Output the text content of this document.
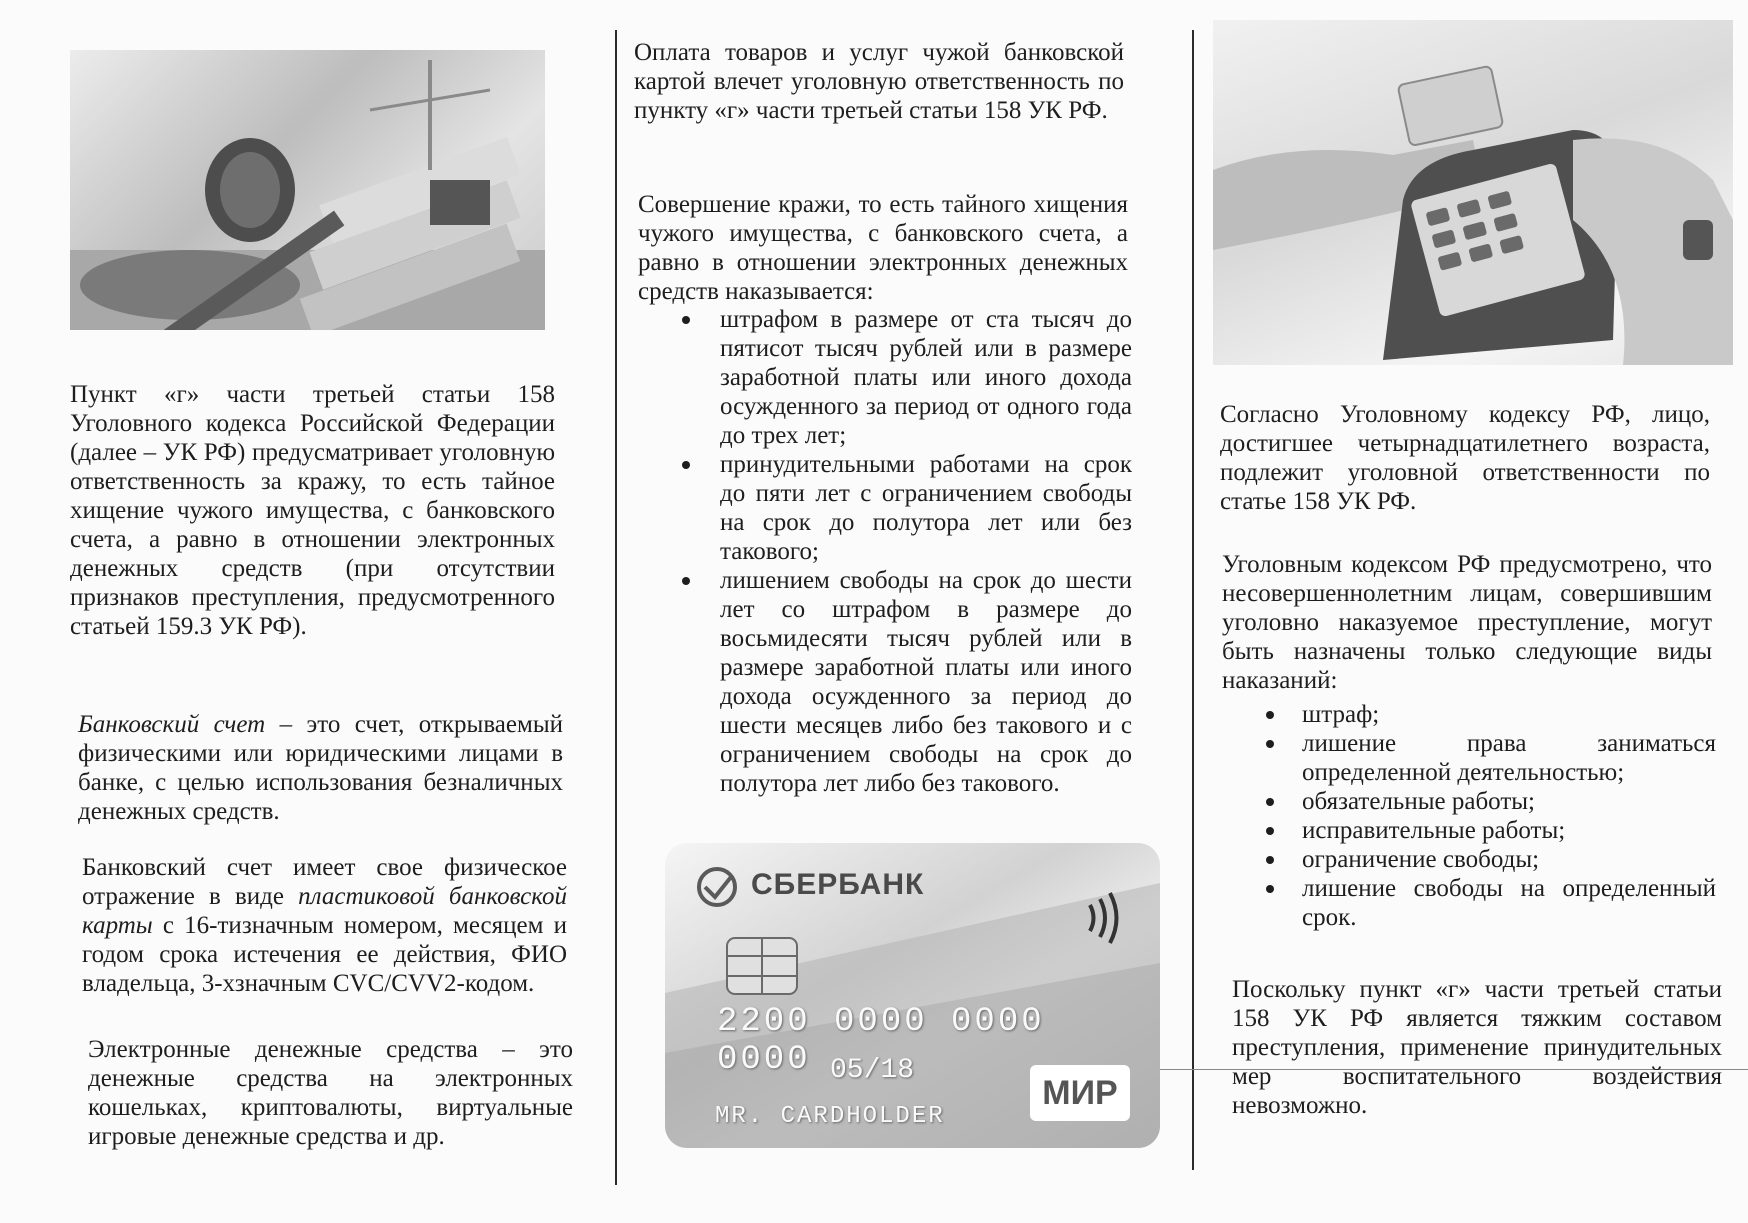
Пункт «г» части третьей статьи 158 Уголовного кодекса Российской Федерации (далее – УК РФ) предусматривает уголовную ответственность за кражу, то есть тайное хищение чужого имущества, с банковского счета, а равно в отношении электронных денежных средств (при отсутствии признаков преступления, предусмотренного статьей 159.3 УК РФ).

Банковский счет – это счет, открываемый физическими или юридическими лицами в банке, с целью использования безналичных денежных средств.

Банковский счет имеет свое физическое отражение в виде пластиковой банковской карты с 16-тизначным номером, месяцем и годом срока истечения ее действия, ФИО владельца, 3-хзначным CVC/CVV2-кодом.

Электронные денежные средства – это денежные средства на электронных кошельках, криптовалюты, виртуальные игровые денежные средства и др.

Оплата товаров и услуг чужой банковской картой влечет уголовную ответственность по пункту «г» части третьей статьи 158 УК РФ.

Совершение кражи, то есть тайного хищения чужого имущества, с банковского счета, а равно в отношении электронных денежных средств наказывается:

штрафом в размере от ста тысяч до пятисот тысяч рублей или в размере заработной платы или иного дохода осужденного за период от одного года до трех лет;
принудительными работами на срок до пяти лет с ограничением свободы на срок до полутора лет или без такового;
лишением свободы на срок до шести лет со штрафом в размере до восьмидесяти тысяч рублей или в размере заработной платы или иного дохода осужденного за период до шести месяцев либо без такового и с ограничением свободы на срок до полутора лет либо без такового.
СБЕРБАНК
2200 0000 0000 0000 05/18
MR. CARDHOLDER
МИР

Согласно Уголовному кодексу РФ, лицо, достигшее четырнадцатилетнего возраста, подлежит уголовной ответственности по статье 158 УК РФ.

Уголовным кодексом РФ предусмотрено, что несовершеннолетним лицам, совершившим уголовно наказуемое преступление, могут быть назначены только следующие виды наказаний:

штраф;
лишение права заниматься определенной деятельностью;
обязательные работы;
исправительные работы;
ограничение свободы;
лишение свободы на определенный срок.

Поскольку пункт «г» части третьей статьи 158 УК РФ является тяжким составом преступления, применение принудительных мер воспитательного воздействия невозможно.
